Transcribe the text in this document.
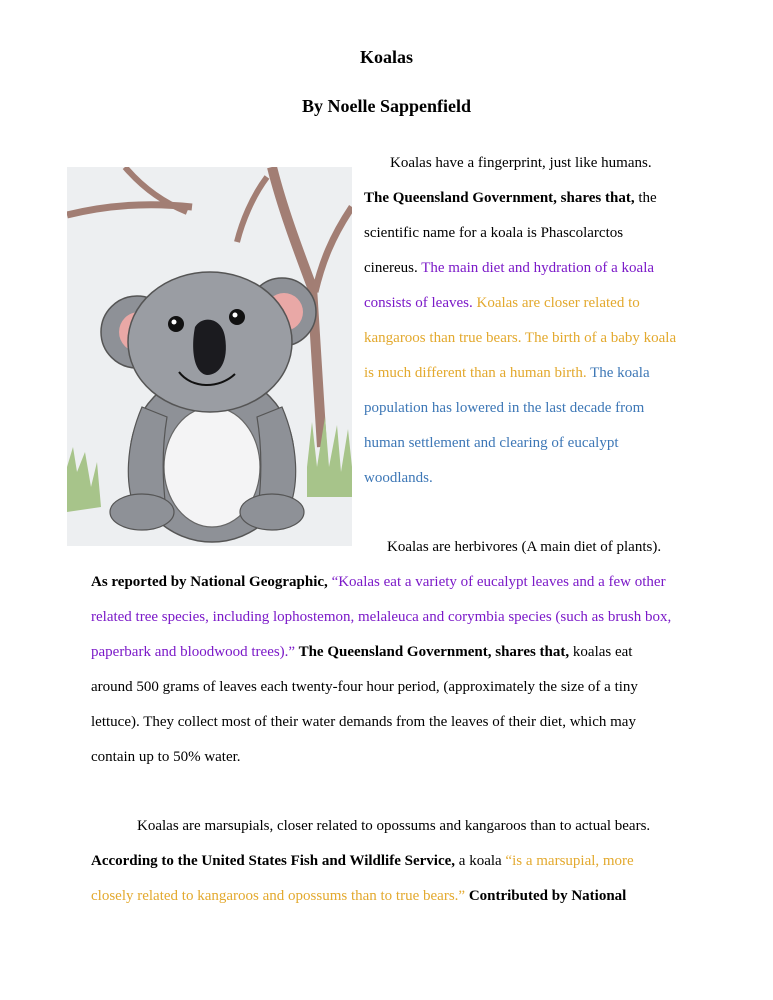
Koalas
By Noelle Sappenfield
Koalas have a fingerprint, just like humans.
The Queensland Government, shares that, the
scientific name for a koala is Phascolarctos
cinereus. The main diet and hydration of a koala
consists of leaves. Koalas are closer related to
kangaroos than true bears. The birth of a baby koala
is much different than a human birth. The koala
population has lowered in the last decade from
human settlement and clearing of eucalypt
woodlands.
Koalas are herbivores (A main diet of plants).
As reported by National Geographic, “Koalas eat a variety of eucalypt leaves and a few other
related tree species, including lophostemon, melaleuca and corymbia species (such as brush box,
paperbark and bloodwood trees).” The Queensland Government, shares that, koalas eat
around 500 grams of leaves each twenty-four hour period, (approximately the size of a tiny
lettuce). They collect most of their water demands from the leaves of their diet, which may
contain up to 50% water.
Koalas are marsupials, closer related to opossums and kangaroos than to actual bears.
According to the United States Fish and Wildlife Service, a koala “is a marsupial, more
closely related to kangaroos and opossums than to true bears.” Contributed by National
